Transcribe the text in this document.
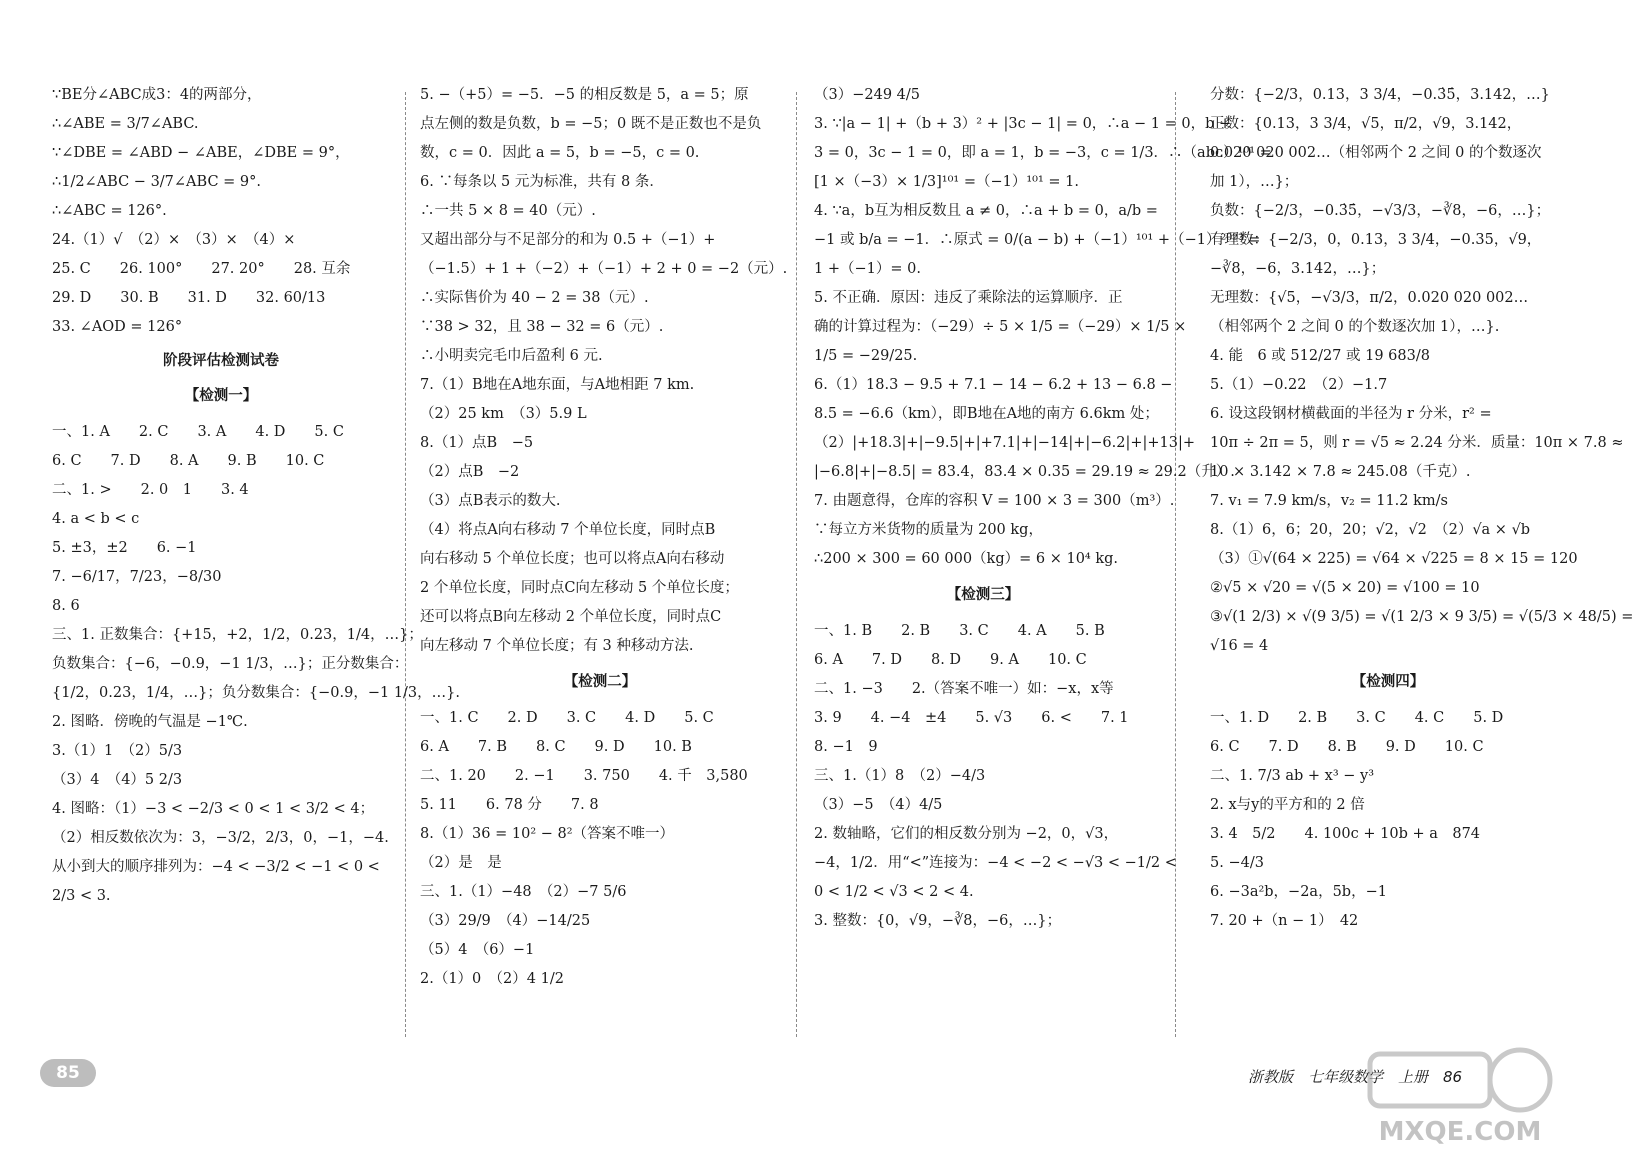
∵BE分∠ABC成3：4的两部分，
∴∠ABE = 3/7∠ABC.
∵∠DBE = ∠ABD − ∠ABE，∠DBE = 9°，
∴1/2∠ABC − 3/7∠ABC = 9°.
∴∠ABC = 126°.
24.（1）√　（2）×　（3）×　（4）×
25. C　　26. 100°　　27. 20°　　28. 互余
29. D　　30. B　　31. D　　32. 60/13
33. ∠AOD = 126°
阶段评估检测试卷
【检测一】
一、1. A　　2. C　　3. A　　4. D　　5. C
6. C　　7. D　　8. A　　9. B　　10. C
二、1. >　　2. 0　1　　3. 4
4. a < b < c
5. ±3，±2　　6. −1
7. −6/17，7/23，−8/30
8. 6
三、1. 正数集合：{+15，+2，1/2，0.23，1/4，…}；
负数集合：{−6，−0.9，−1 1/3，…}；正分数集合：
{1/2，0.23，1/4，…}；负分数集合：{−0.9，−1 1/3，…}.
2. 图略．傍晚的气温是 −1℃.
3.（1）1　（2）5/3
（3）4　（4）5 2/3
4. 图略：（1）−3 < −2/3 < 0 < 1 < 3/2 < 4；
（2）相反数依次为：3，−3/2，2/3，0，−1，−4.
从小到大的顺序排列为：−4 < −3/2 < −1 < 0 <
2/3 < 3.
5. −（+5）= −5．−5 的相反数是 5，a = 5；原
点左侧的数是负数，b = −5；0 既不是正数也不是负
数，c = 0．因此 a = 5，b = −5，c = 0.
6. ∵每条以 5 元为标准，共有 8 条．
∴一共 5 × 8 = 40（元）.
又超出部分与不足部分的和为 0.5 +（−1）+
（−1.5）+ 1 +（−2）+（−1）+ 2 + 0 = −2（元）.
∴实际售价为 40 − 2 = 38（元）.
∵38 > 32，且 38 − 32 = 6（元）.
∴小明卖完毛巾后盈利 6 元.
7.（1）B地在A地东面，与A地相距 7 km.
（2）25 km　（3）5.9 L
8.（1）点B　−5
（2）点B　−2
（3）点B表示的数大.
（4）将点A向右移动 7 个单位长度，同时点B
向右移动 5 个单位长度；也可以将点A向右移动
2 个单位长度，同时点C向左移动 5 个单位长度；
还可以将点B向左移动 2 个单位长度，同时点C
向左移动 7 个单位长度；有 3 种移动方法.
【检测二】
一、1. C　　2. D　　3. C　　4. D　　5. C
6. A　　7. B　　8. C　　9. D　　10. B
二、1. 20　　2. −1　　3. 750　　4. 千　3,580
5. 11　　6. 78 分　　7. 8
8.（1）36 = 10² − 8²（答案不唯一）
（2）是　是
三、1.（1）−48　（2）−7 5/6
（3）29/9　（4）−14/25
（5）4　（6）−1
2.（1）0　（2）4 1/2
（3）−249 4/5
3. ∵|a − 1| +（b + 3）² + |3c − 1| = 0，∴a − 1 = 0，b +
3 = 0，3c − 1 = 0，即 a = 1，b = −3，c = 1/3．∴（abc）¹⁰¹ =
[1 ×（−3）× 1/3]¹⁰¹ =（−1）¹⁰¹ = 1.
4. ∵a，b互为相反数且 a ≠ 0，∴a + b = 0，a/b =
−1 或 b/a = −1．∴原式 = 0/(a − b) +（−1）¹⁰¹ +（−1）²⁰²³ =
1 +（−1）= 0.
5. 不正确．原因：违反了乘除法的运算顺序．正
确的计算过程为：（−29）÷ 5 × 1/5 =（−29）× 1/5 ×
1/5 = −29/25.
6.（1）18.3 − 9.5 + 7.1 − 14 − 6.2 + 13 − 6.8 −
8.5 = −6.6（km），即B地在A地的南方 6.6km 处；
（2）|+18.3|+|−9.5|+|+7.1|+|−14|+|−6.2|+|+13|+
|−6.8|+|−8.5| = 83.4，83.4 × 0.35 = 29.19 ≈ 29.2（升）.
7. 由题意得，仓库的容积 V = 100 × 3 = 300（m³）.
∵每立方米货物的质量为 200 kg，
∴200 × 300 = 60 000（kg）= 6 × 10⁴ kg.
【检测三】
一、1. B　　2. B　　3. C　　4. A　　5. B
6. A　　7. D　　8. D　　9. A　　10. C
二、1. −3　　2.（答案不唯一）如：−x，x等
3. 9　　4. −4　±4　　5. √3　　6. <　　7. 1
8. −1　9
三、1.（1）8　（2）−4/3
（3）−5　（4）4/5
2. 数轴略，它们的相反数分别为 −2，0，√3，
−4，1/2．用“<”连接为：−4 < −2 < −√3 < −1/2 <
0 < 1/2 < √3 < 2 < 4.
3. 整数：{0，√9，−∛8，−6，…}；
分数：{−2/3，0.13，3 3/4，−0.3̇5̇，3.142，…}
正数：{0.13，3 3/4，√5，π/2，√9，3.142，
0.020 020 002…（相邻两个 2 之间 0 的个数逐次
加 1），…}；
负数：{−2/3，−0.3̇5̇，−√3/3，−∛8，−6，…}；
有理数：{−2/3，0，0.13，3 3/4，−0.35，√9，
−∛8，−6，3.142，…}；
无理数：{√5，−√3/3，π/2，0.020 020 002…
（相邻两个 2 之间 0 的个数逐次加 1），…}.
4. 能　6 或 512/27 或 19 683/8
5.（1）−0.22　（2）−1.7
6. 设这段钢材横截面的半径为 r 分米，r² =
10π ÷ 2π = 5，则 r = √5 ≈ 2.24 分米．质量：10π × 7.8 ≈
10 × 3.142 × 7.8 ≈ 245.08（千克）.
7. v₁ = 7.9 km/s，v₂ = 11.2 km/s
8.（1）6，6；20，20；√2，√2　（2）√a × √b
（3）①√(64 × 225) = √64 × √225 = 8 × 15 = 120
②√5 × √20 = √(5 × 20) = √100 = 10
③√(1 2/3) × √(9 3/5) = √(1 2/3 × 9 3/5) = √(5/3 × 48/5) =
√16 = 4
【检测四】
一、1. D　　2. B　　3. C　　4. C　　5. D
6. C　　7. D　　8. B　　9. D　　10. C
二、1. 7/3 ab + x³ − y³
2. x与y的平方和的 2 倍
3. 4　5/2　　4. 100c + 10b + a　874
5. −4/3
6. −3a²b，−2a，5b，−1
7. 20 +（n − 1）　42
85	浙教版　七年级数学　上册　86
MXQE.COM
